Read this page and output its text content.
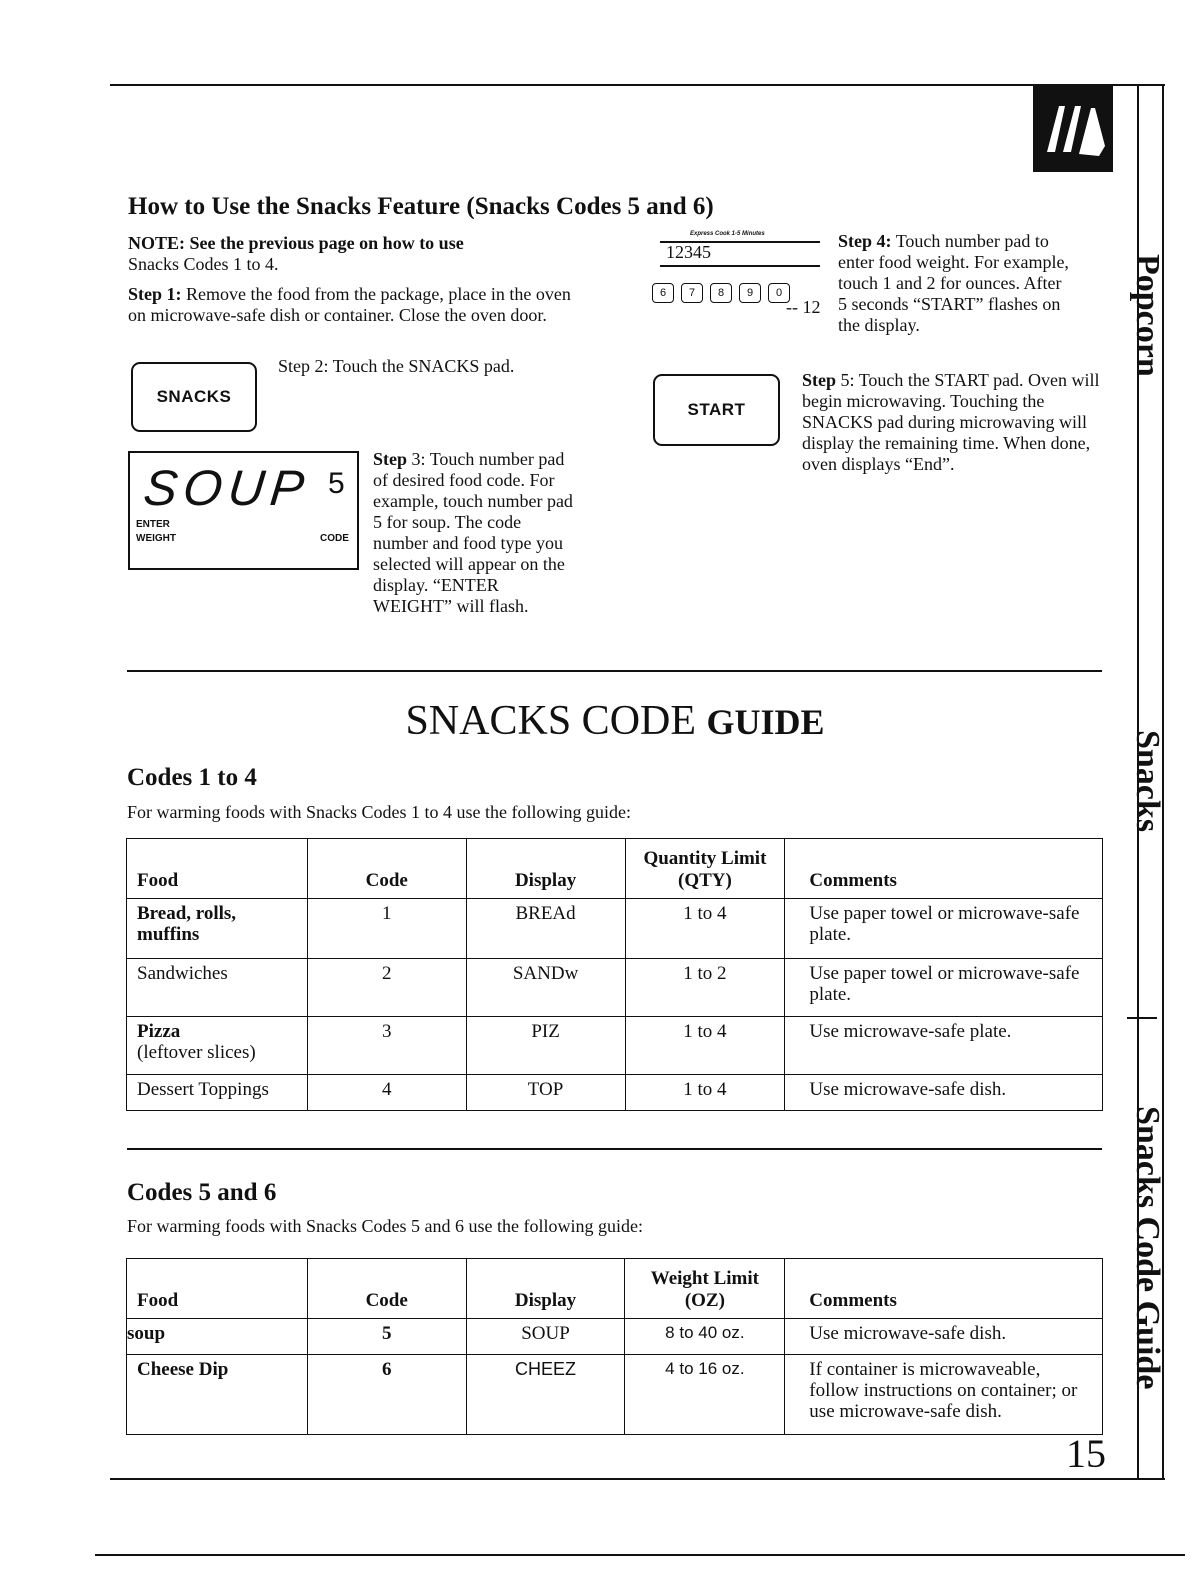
How to Use the Snacks Feature (Snacks Codes 5 and 6)
NOTE: See the previous page on how to use
Snacks Codes 1 to 4.
Step 1: Remove the food from the package, place in the oven on microwave-safe dish or container. Close the oven door.
SNACKS
Step 2: Touch the SNACKS pad.
SOUP 5
ENTER
WEIGHT	CODE
Step 3: Touch number pad of desired food code. For example, touch number pad 5 for soup. The code number and food type you selected will appear on the display. “ENTER WEIGHT” will flash.
Express Cook 1-5 Minutes
12345
6 7 8 9 0
-- 12
Step 4: Touch number pad to enter food weight. For example, touch 1 and 2 for ounces. After 5 seconds “START” flashes on the display.
START
Step 5: Touch the START pad. Oven will begin microwaving. Touching the SNACKS pad during microwaving will display the remaining time. When done, oven displays “End”.
SNACKS CODE GUIDE
Codes 1 to 4
For warming foods with Snacks Codes 1 to 4 use the following guide:
Food	Code	Display	Quantity Limit (QTY)	Comments
Bread, rolls,
muffins	1	BREAd	1 to 4	Use paper towel or microwave-safe plate.
Sandwiches	2	SANDw	1 to 2	Use paper towel or microwave-safe plate.
Pizza
(leftover slices)	3	PIZ	1 to 4	Use microwave-safe plate.
Dessert Toppings	4	TOP	1 to 4	Use microwave-safe dish.
Codes 5 and 6
For warming foods with Snacks Codes 5 and 6 use the following guide:
Food	Code	Display	Weight Limit (OZ)	Comments
soup	5	SOUP	8 to 40 oz.	Use microwave-safe dish.
Cheese Dip	6	CHEEZ	4 to 16 oz.	If container is microwaveable, follow instructions on container; or use microwave-safe dish.
15
Popcorn
Snacks
Snacks Code Guide
